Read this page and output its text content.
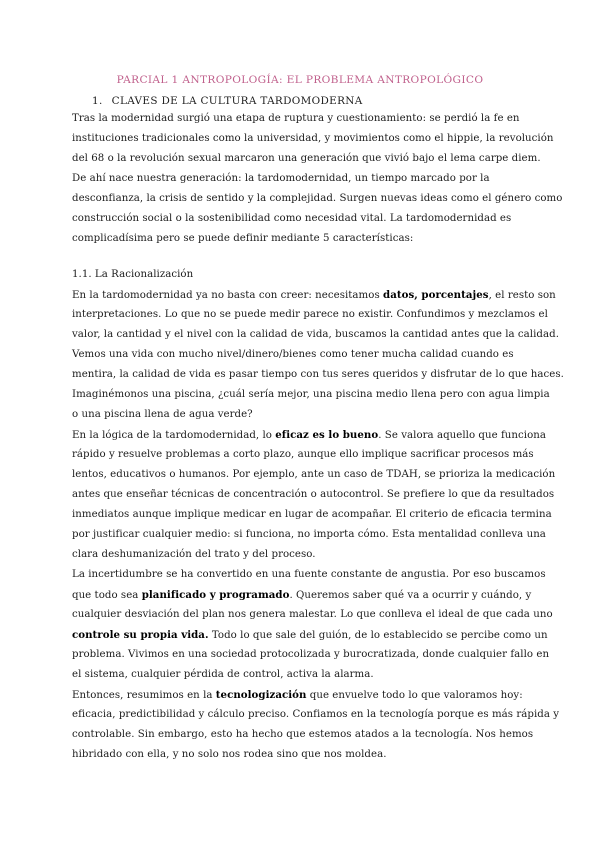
PARCIAL 1 ANTROPOLOGÍA: EL PROBLEMA ANTROPOLÓGICO
1. CLAVES DE LA CULTURA TARDOMODERNA
Tras la modernidad surgió una etapa de ruptura y cuestionamiento: se perdió la fe en
instituciones tradicionales como la universidad, y movimientos como el hippie, la revolución
del 68 o la revolución sexual marcaron una generación que vivió bajo el lema carpe diem.
De ahí nace nuestra generación: la tardomodernidad, un tiempo marcado por la
desconfianza, la crisis de sentido y la complejidad. Surgen nuevas ideas como el género como
construcción social o la sostenibilidad como necesidad vital. La tardomodernidad es
complicadísima pero se puede definir mediante 5 características:
1.1. La Racionalización
En la tardomodernidad ya no basta con creer: necesitamos datos, porcentajes, el resto son
interpretaciones. Lo que no se puede medir parece no existir. Confundimos y mezclamos el
valor, la cantidad y el nivel con la calidad de vida, buscamos la cantidad antes que la calidad.
Vemos una vida con mucho nivel/dinero/bienes como tener mucha calidad cuando es
mentira, la calidad de vida es pasar tiempo con tus seres queridos y disfrutar de lo que haces.
Imaginémonos una piscina, ¿cuál sería mejor, una piscina medio llena pero con agua limpia
o una piscina llena de agua verde?
En la lógica de la tardomodernidad, lo eficaz es lo bueno. Se valora aquello que funciona
rápido y resuelve problemas a corto plazo, aunque ello implique sacrificar procesos más
lentos, educativos o humanos. Por ejemplo, ante un caso de TDAH, se prioriza la medicación
antes que enseñar técnicas de concentración o autocontrol. Se prefiere lo que da resultados
inmediatos aunque implique medicar en lugar de acompañar. El criterio de eficacia termina
por justificar cualquier medio: si funciona, no importa cómo. Esta mentalidad conlleva una
clara deshumanización del trato y del proceso.
La incertidumbre se ha convertido en una fuente constante de angustia. Por eso buscamos
que todo sea planificado y programado. Queremos saber qué va a ocurrir y cuándo, y
cualquier desviación del plan nos genera malestar. Lo que conlleva el ideal de que cada uno
controle su propia vida. Todo lo que sale del guión, de lo establecido se percibe como un
problema. Vivimos en una sociedad protocolizada y burocratizada, donde cualquier fallo en
el sistema, cualquier pérdida de control, activa la alarma.
Entonces, resumimos en la tecnologización que envuelve todo lo que valoramos hoy:
eficacia, predictibilidad y cálculo preciso. Confiamos en la tecnología porque es más rápida y
controlable. Sin embargo, esto ha hecho que estemos atados a la tecnología. Nos hemos
hibridado con ella, y no solo nos rodea sino que nos moldea.
